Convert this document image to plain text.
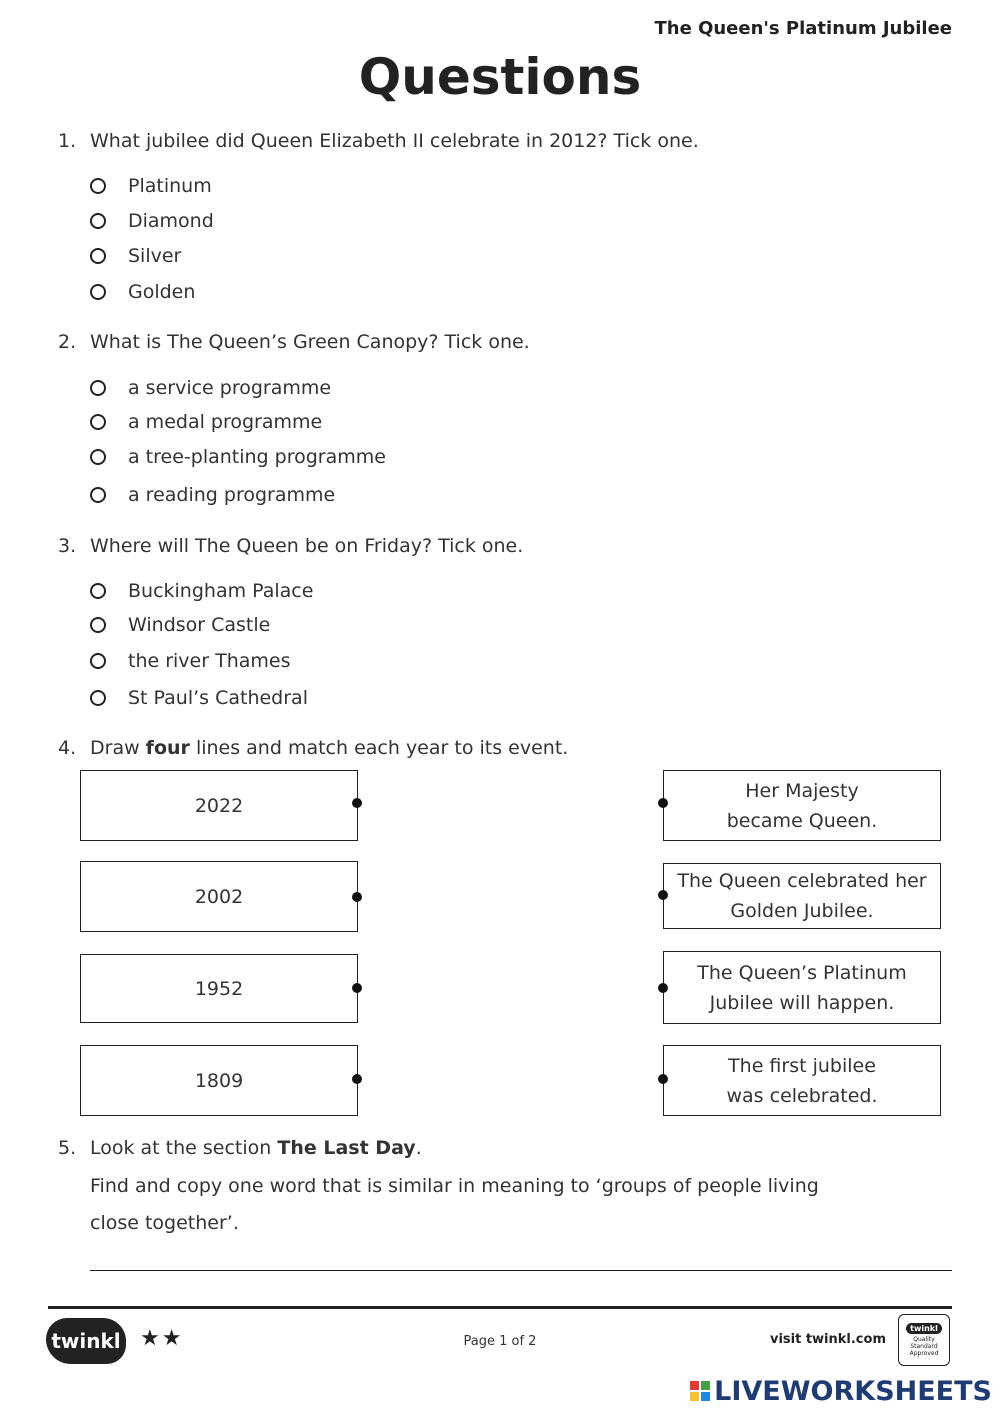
The Queen's Platinum Jubilee
Questions
1. What jubilee did Queen Elizabeth II celebrate in 2012? Tick one.
Platinum
Diamond
Silver
Golden
2. What is The Queen’s Green Canopy? Tick one.
a service programme
a medal programme
a tree-planting programme
a reading programme
3. Where will The Queen be on Friday? Tick one.
Buckingham Palace
Windsor Castle
the river Thames
St Paul’s Cathedral
4. Draw four lines and match each year to its event.
2022
2002
1952
1809
Her Majesty
became Queen.
The Queen celebrated her
Golden Jubilee.
The Queen’s Platinum
Jubilee will happen.
The first jubilee
was celebrated.
5. Look at the section The Last Day.
Find and copy one word that is similar in meaning to ‘groups of people living
close together’.
twinkl ★★	Page 1 of 2	visit twinkl.com
twinkl
Quality Standard
Approved
LIVEWORKSHEETS
